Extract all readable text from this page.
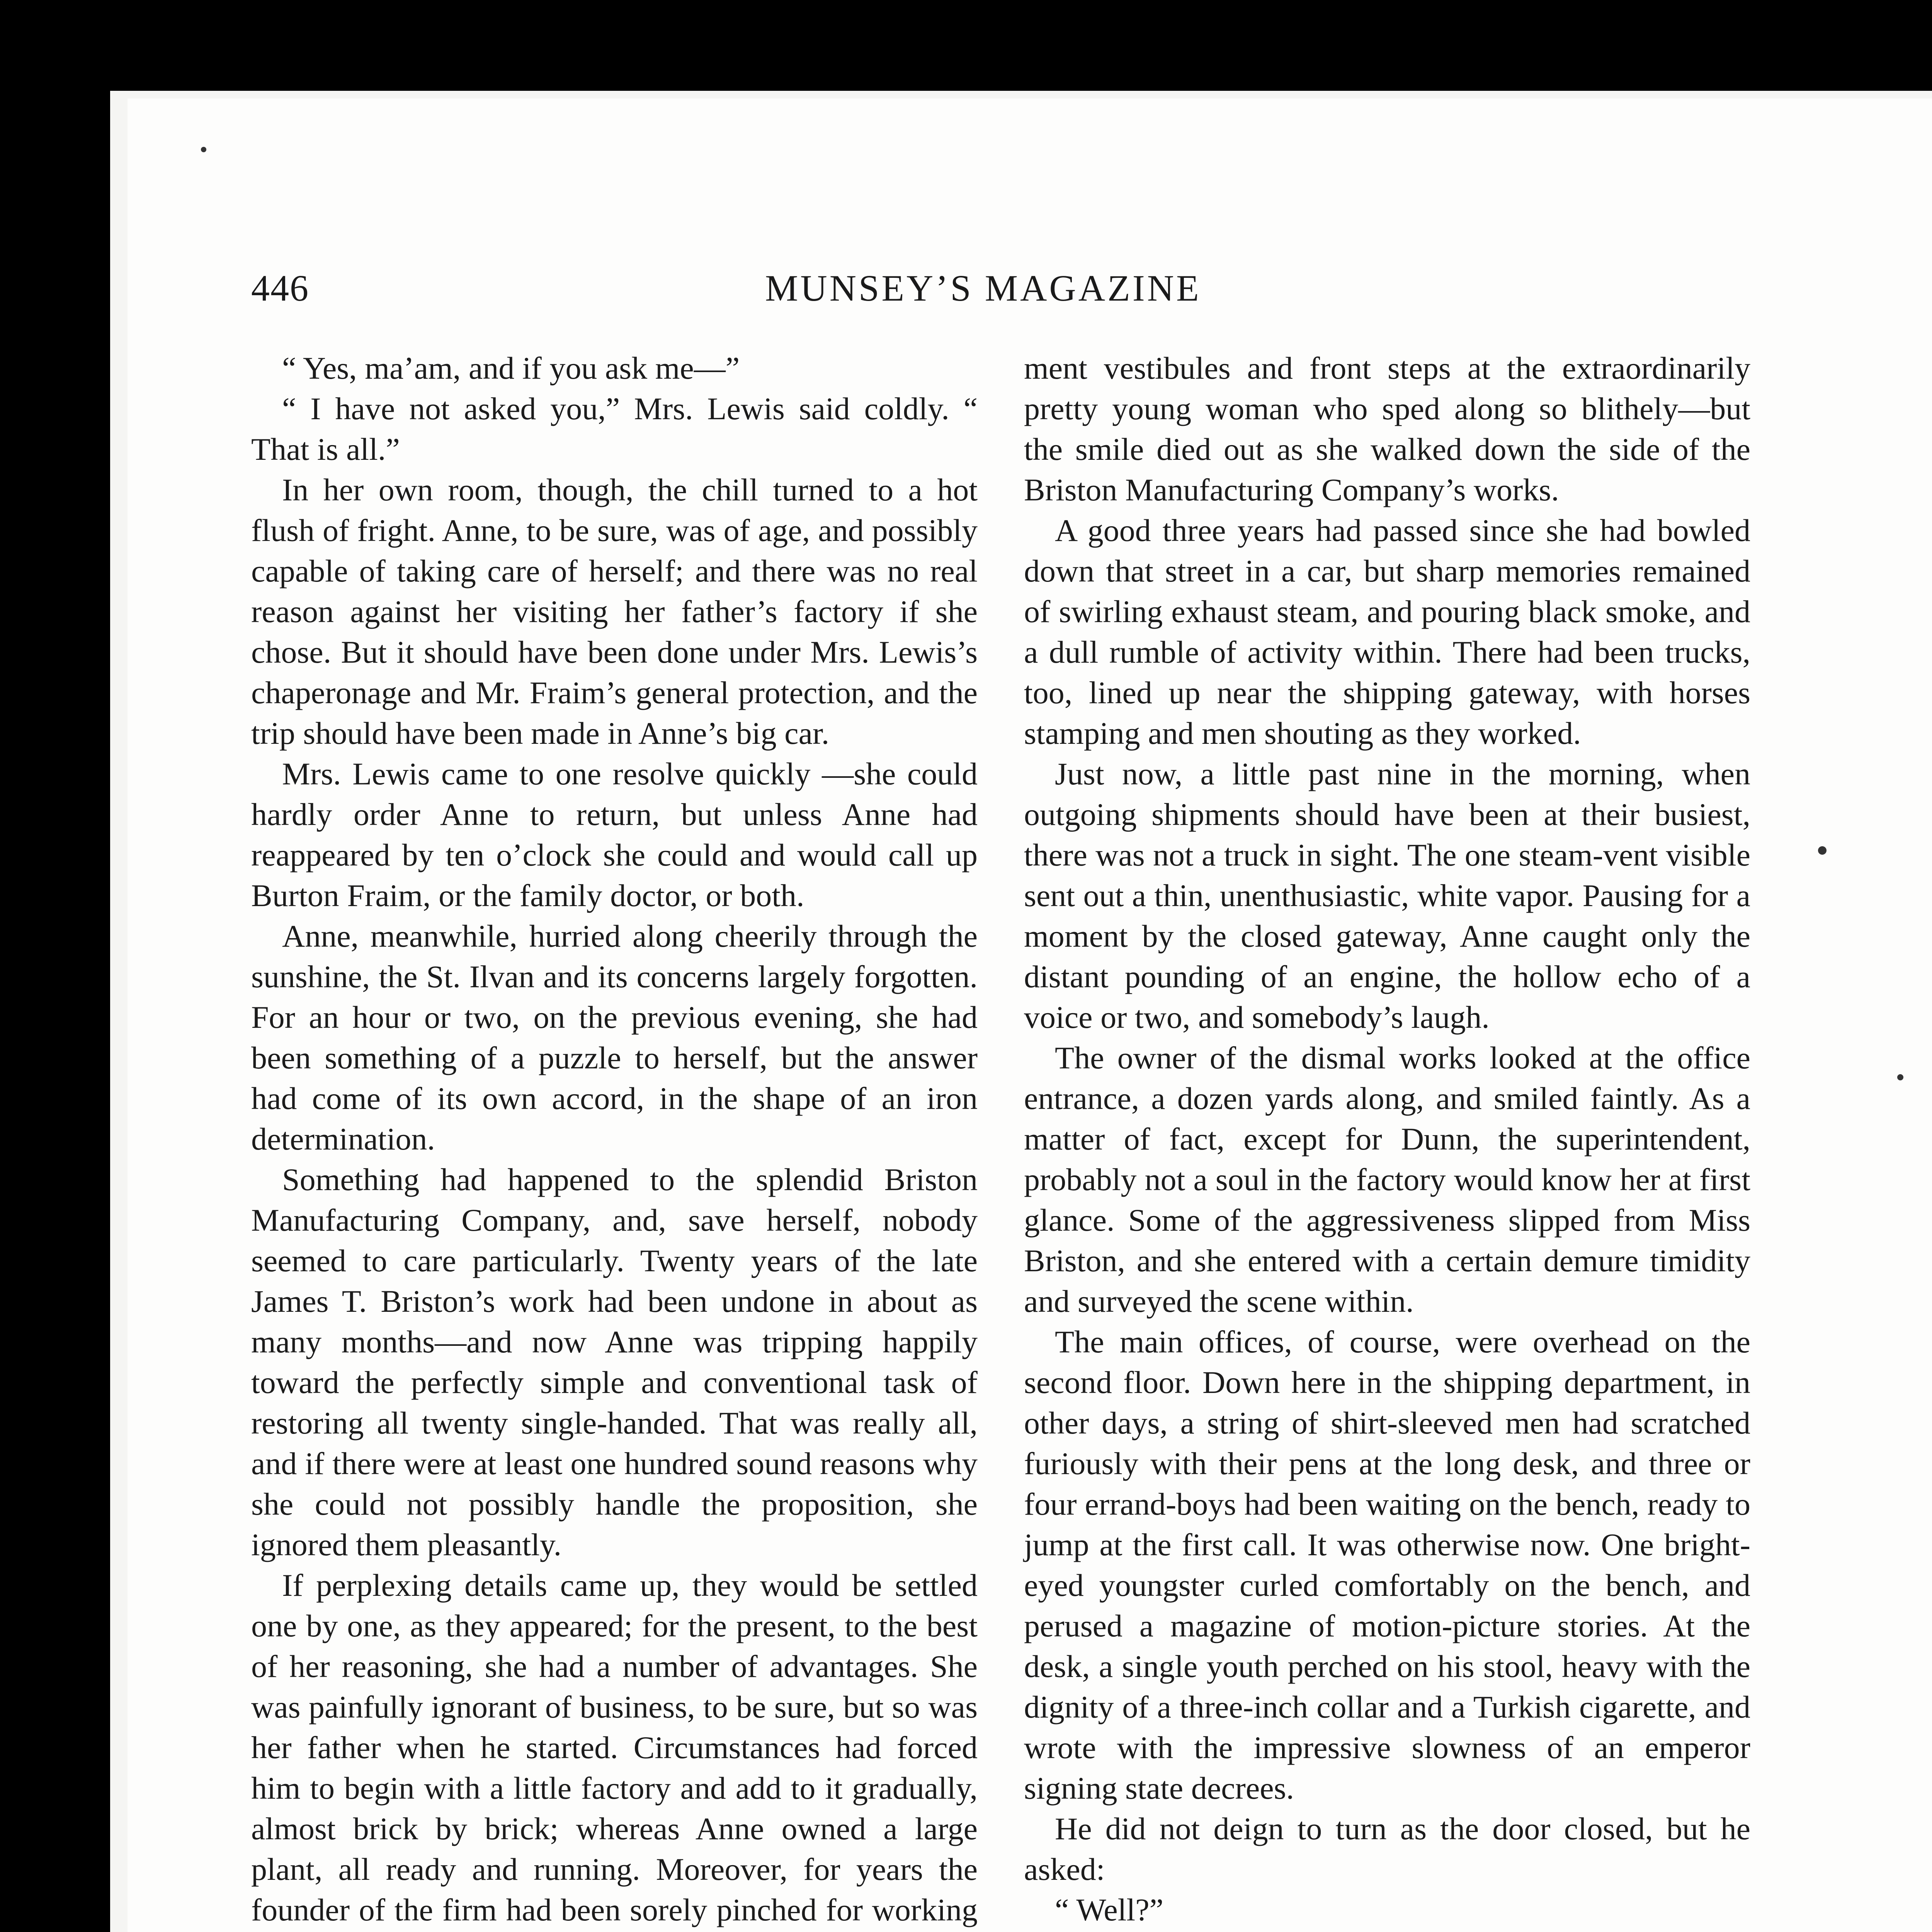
446	MUNSEY’S MAGAZINE

“ Yes, ma’am, and if you ask me—”

“ I have not asked you,” Mrs. Lewis said coldly. “ That is all.”

In her own room, though, the chill turned to a hot flush of fright. Anne, to be sure, was of age, and possibly capable of taking care of herself; and there was no real reason against her visiting her father’s factory if she chose. But it should have been done under Mrs. Lewis’s chaperonage and Mr. Fraim’s general protection, and the trip should have been made in Anne’s big car.

Mrs. Lewis came to one resolve quickly —she could hardly order Anne to return, but unless Anne had reappeared by ten o’clock she could and would call up Burton Fraim, or the family doctor, or both.

Anne, meanwhile, hurried along cheerily through the sunshine, the St. Ilvan and its concerns largely forgotten. For an hour or two, on the previous evening, she had been something of a puzzle to herself, but the answer had come of its own accord, in the shape of an iron determination.

Something had happened to the splendid Briston Manufacturing Company, and, save herself, nobody seemed to care particularly. Twenty years of the late James T. Briston’s work had been undone in about as many months—and now Anne was tripping happily toward the perfectly simple and conventional task of restoring all twenty single-handed. That was really all, and if there were at least one hundred sound reasons why she could not possibly handle the proposition, she ignored them pleasantly.

If perplexing details came up, they would be settled one by one, as they appeared; for the present, to the best of her reasoning, she had a number of advantages. She was painfully ignorant of business, to be sure, but so was her father when he started. Circumstances had forced him to begin with a little factory and add to it gradually, almost brick by brick; whereas Anne owned a large plant, all ready and running. Moreover, for years the founder of the firm had been sorely pinched for working

ment vestibules and front steps at the extraordinarily pretty young woman who sped along so blithely—but the smile died out as she walked down the side of the Briston Manufacturing Company’s works.

A good three years had passed since she had bowled down that street in a car, but sharp memories remained of swirling exhaust steam, and pouring black smoke, and a dull rumble of activity within. There had been trucks, too, lined up near the shipping gateway, with horses stamping and men shouting as they worked.

Just now, a little past nine in the morning, when outgoing shipments should have been at their busiest, there was not a truck in sight. The one steam-vent visible sent out a thin, unenthusiastic, white vapor. Pausing for a moment by the closed gateway, Anne caught only the distant pounding of an engine, the hollow echo of a voice or two, and somebody’s laugh.

The owner of the dismal works looked at the office entrance, a dozen yards along, and smiled faintly. As a matter of fact, except for Dunn, the superintendent, probably not a soul in the factory would know her at first glance. Some of the aggressiveness slipped from Miss Briston, and she entered with a certain demure timidity and surveyed the scene within.

The main offices, of course, were overhead on the second floor. Down here in the shipping department, in other days, a string of shirt-sleeved men had scratched furiously with their pens at the long desk, and three or four errand-boys had been waiting on the bench, ready to jump at the first call. It was otherwise now. One bright-eyed youngster curled comfortably on the bench, and perused a magazine of motion-picture stories. At the desk, a single youth perched on his stool, heavy with the dignity of a three-inch collar and a Turkish cigarette, and wrote with the impressive slowness of an emperor signing state decrees.

He did not deign to turn as the door closed, but he asked:

“ Well?”
